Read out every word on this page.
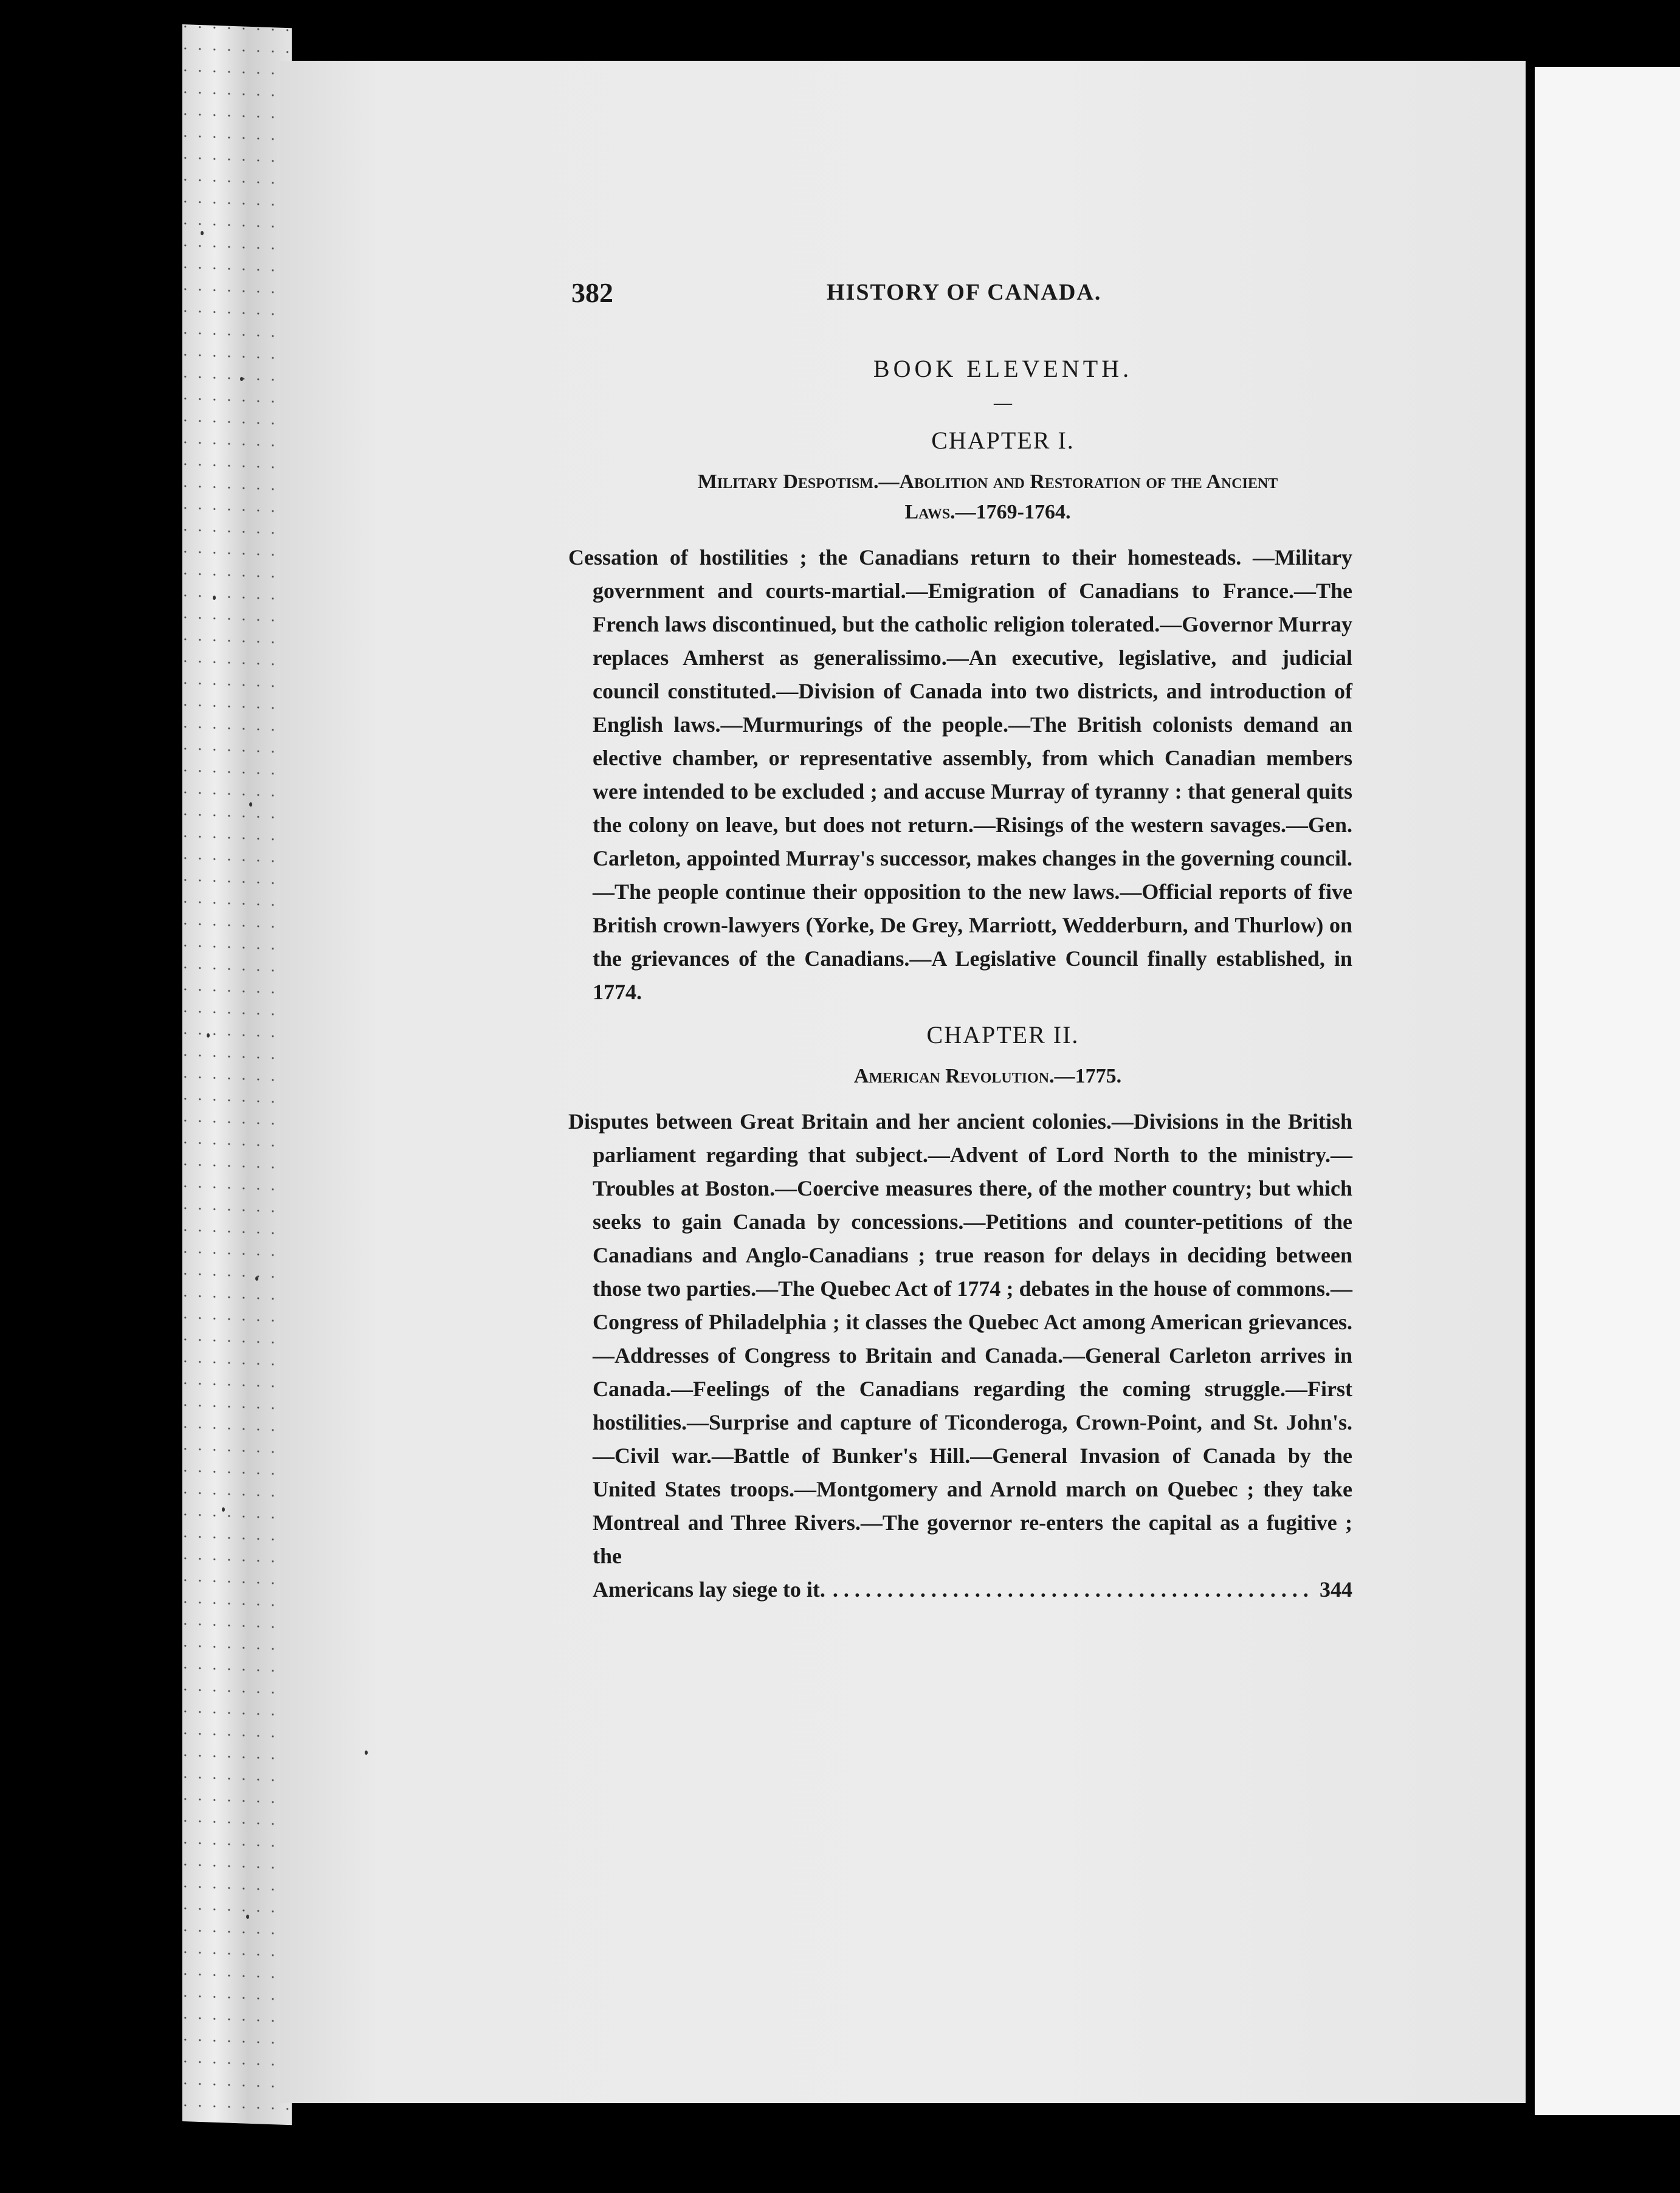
382	HISTORY OF CANADA.
BOOK ELEVENTH.
—
CHAPTER I.
Military Despotism.—Abolition and Restoration of the Ancient
Laws.—1769-1764.

Cessation of hostilities ; the Canadians return to their homesteads. —Military government and courts-martial.—Emigration of Canadians to France.—The French laws discontinued, but the catholic religion tolerated.—Governor Murray replaces Amherst as generalissimo.—An executive, legislative, and judicial council constituted.—Division of Canada into two districts, and introduction of English laws.—Murmurings of the people.—The British colonists demand an elective chamber, or representative assembly, from which Canadian members were intended to be excluded ; and accuse Murray of tyranny : that general quits the colony on leave, but does not return.—Risings of the western savages.—Gen. Carleton, appointed Murray's successor, makes changes in the governing council.—The people continue their opposition to the new laws.—Official reports of five British crown-lawyers (Yorke, De Grey, Marriott, Wedderburn, and Thurlow) on the grievances of the Canadians.—A Legislative Council finally established, in 1774.

CHAPTER II.
American Revolution.—1775.

Disputes between Great Britain and her ancient colonies.—Divisions in the British parliament regarding that subject.—Advent of Lord North to the ministry.—Troubles at Boston.—Coercive measures there, of the mother country; but which seeks to gain Canada by concessions.—Petitions and counter-petitions of the Canadians and Anglo-Canadians ; true reason for delays in deciding between those two parties.—The Quebec Act of 1774 ; debates in the house of commons.—Congress of Philadelphia ; it classes the Quebec Act among American grievances.—Addresses of Congress to Britain and Canada.—General Carleton arrives in Canada.—Feelings of the Canadians regarding the coming struggle.—First hostilities.—Surprise and capture of Ticonderoga, Crown-Point, and St. John's.—Civil war.—Battle of Bunker's Hill.—General Invasion of Canada by the United States troops.—Montgomery and Arnold march on Quebec ; they take Montreal and Three Rivers.—The governor re-enters the capital as a fugitive ; the

Americans lay siege to it.
. . .	344
